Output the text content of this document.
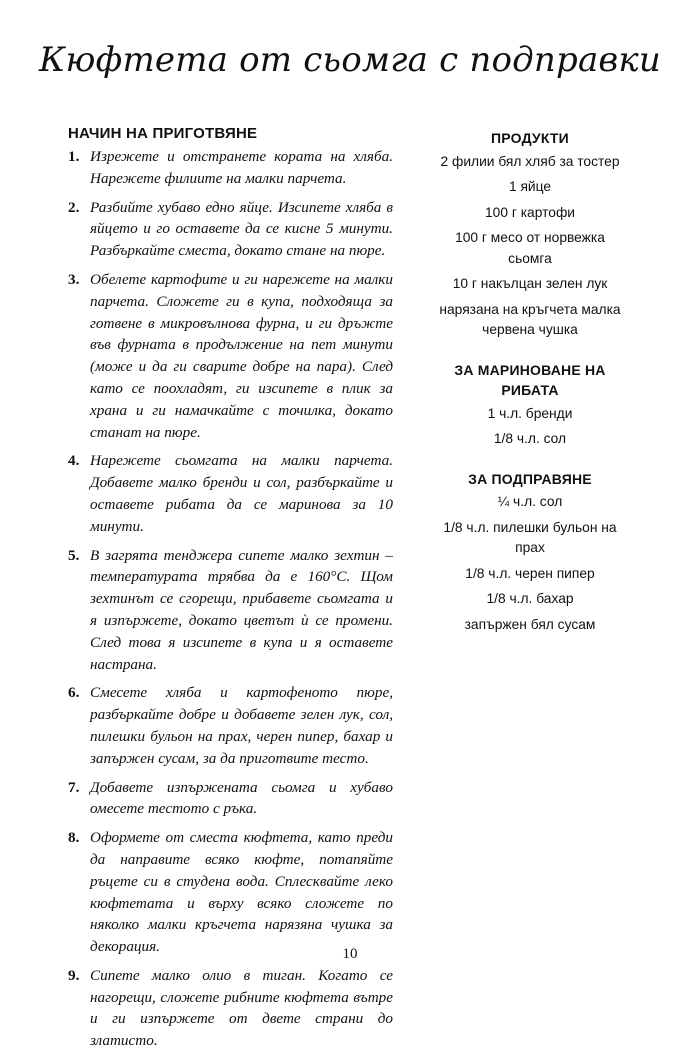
Кюфтета от сьомга с подправки
НАЧИН НА ПРИГОТВЯНЕ
1. Изрежете и отстранете кората на хляба. Нарежете филиите на малки парчета.
2. Разбийте хубаво едно яйце. Изсипете хляба в яйцето и го оставете да се кисне 5 минути. Разбъркайте сместа, докато стане на пюре.
3. Обелете картофите и ги нарежете на малки парчета. Сложете ги в купа, подходяща за готвене в микровълнова фурна, и ги дръжте във фурната в продължение на пет минути (може и да ги сварите добре на пара). След като се поохладят, ги изсипете в плик за храна и ги намачкайте с точилка, докато станат на пюре.
4. Нарежете сьомгата на малки парчета. Добавете малко бренди и сол, разбъркайте и оставете рибата да се маринова за 10 минути.
5. В загрята тенджера сипете малко зехтин – температурата трябва да е 160°С. Щом зехтинът се сгорещи, прибавете сьомгата и я изпържете, докато цветът ѝ се промени. След това я изсипете в купа и я оставете настрана.
6. Смесете хляба и картофеното пюре, разбъркайте добре и добавете зелен лук, сол, пилешки бульон на прах, черен пипер, бахар и запържен сусам, за да приготвите тесто.
7. Добавете изпържената сьомга и хубаво омесете тестото с ръка.
8. Оформете от сместа кюфтета, като преди да направите всяко кюфте, потапяйте ръцете си в студена вода. Сплесквайте леко кюфтетата и върху всяко сложете по няколко малки кръгчета нарязяна чушка за декорация.
9. Сипете малко олио в тиган. Когато се нагорещи, сложете рибните кюфтета вътре и ги изпържете от двете страни до златисто.
ПРОДУКТИ
2 филии бял хляб за тостер
1 яйце
100 г картофи
100 г месо от норвежка сьомга
10 г накълцан зелен лук
нарязана на кръгчета малка червена чушка
ЗА МАРИНОВАНЕ НА РИБАТА
1 ч.л. бренди
1/8 ч.л. сол
ЗА ПОДПРАВЯНЕ
¼ ч.л. сол
1/8 ч.л. пилешки бульон на прах
1/8 ч.л. черен пипер
1/8 ч.л. бахар
запържен бял сусам
10
